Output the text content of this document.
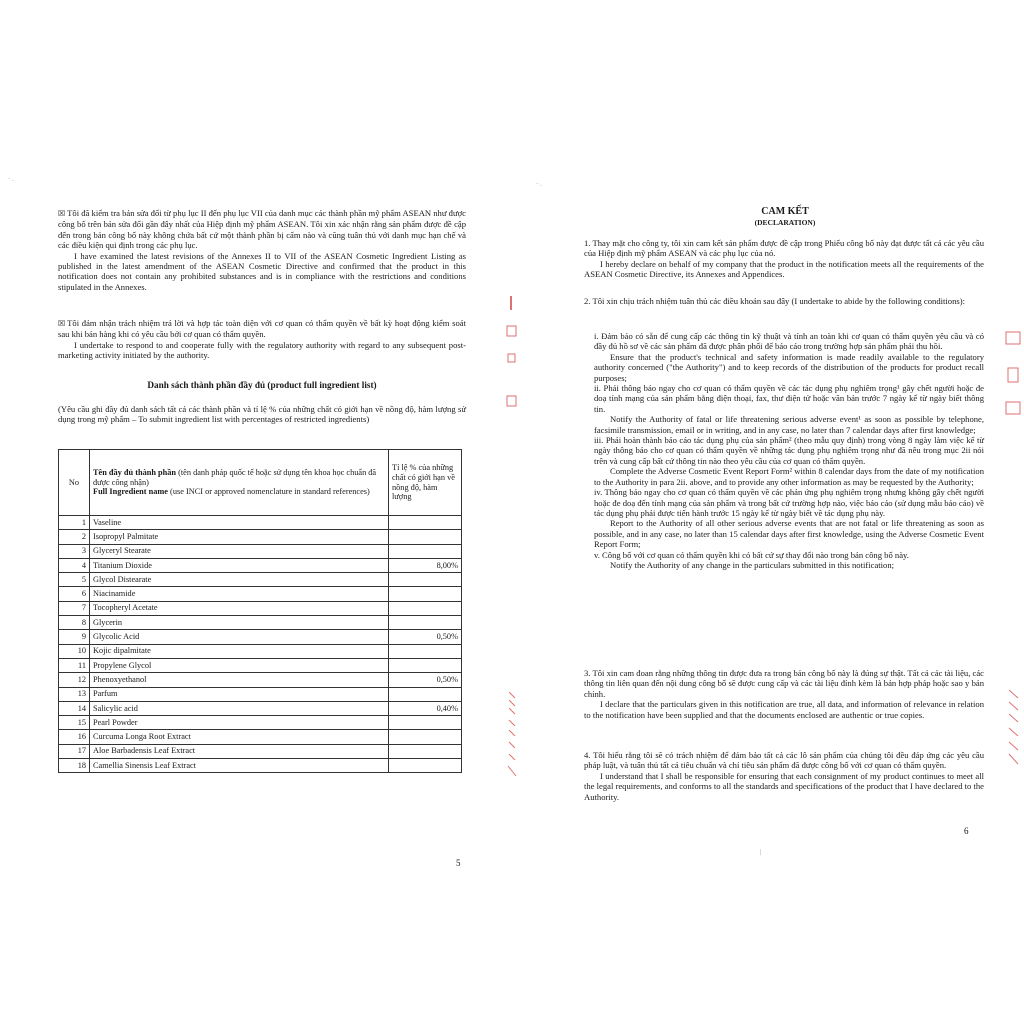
☒ Tôi đã kiểm tra bản sửa đổi từ phụ lục II đến phụ lục VII của danh mục các thành phần mỹ phẩm ASEAN như được công bố trên bản sửa đổi gần đây nhất của Hiệp định mỹ phẩm ASEAN. Tôi xin xác nhận rằng sản phẩm được đề cập đến trong bản công bố này không chứa bất cứ một thành phần bị cấm nào và cũng tuân thủ với danh mục hạn chế và các điều kiện qui định trong các phụ lục.

I have examined the latest revisions of the Annexes II to VII of the ASEAN Cosmetic Ingredient Listing as published in the latest amendment of the ASEAN Cosmetic Directive and confirmed that the product in this notification does not contain any prohibited substances and is in compliance with the restrictions and conditions stipulated in the Annexes.

☒ Tôi đảm nhận trách nhiệm trả lời và hợp tác toàn diện với cơ quan có thẩm quyền về bất kỳ hoạt động kiểm soát sau khi bán hàng khi có yêu cầu bởi cơ quan có thẩm quyền.

I undertake to respond to and cooperate fully with the regulatory authority with regard to any subsequent post-marketing activity initiated by the authority.

Danh sách thành phần đầy đủ (product full ingredient list)
(Yêu cầu ghi đầy đủ danh sách tất cả các thành phần và tỉ lệ % của những chất có giới hạn về nồng độ, hàm lượng sử dụng trong mỹ phẩm – To submit ingredient list with percentages of restricted ingredients)
No	Tên đầy đủ thành phần (tên danh pháp quốc tế hoặc sử dụng tên khoa học chuẩn đã được công nhận)
Full Ingredient name (use INCI or approved nomenclature in standard references)	Tỉ lệ % của những chất có giới hạn về nồng độ, hàm lượng
1	Vaseline	
2	Isopropyl Palmitate	
3	Glyceryl Stearate	
4	Titanium Dioxide	8,00%
5	Glycol Distearate	
6	Niacinamide	
7	Tocopheryl Acetate	
8	Glycerin	
9	Glycolic Acid	0,50%
10	Kojic dipalmitate	
11	Propylene Glycol	
12	Phenoxyethanol	0,50%
13	Parfum	
14	Salicylic acid	0,40%
15	Pearl Powder	
16	Curcuma Longa Root Extract	
17	Aloe Barbadensis Leaf Extract	
18	Camellia Sinensis Leaf Extract	
5
· .
CAM KẾT
(DECLARATION)

1. Thay mặt cho công ty, tôi xin cam kết sản phẩm được đề cập trong Phiếu công bố này đạt được tất cả các yêu cầu của Hiệp định mỹ phẩm ASEAN và các phụ lục của nó.

I hereby declare on behalf of my company that the product in the notification meets all the requirements of the ASEAN Cosmetic Directive, its Annexes and Appendices.

2. Tôi xin chịu trách nhiệm tuân thủ các điều khoản sau đây (I undertake to abide by the following conditions):

i. Đảm bảo có sẵn để cung cấp các thông tin kỹ thuật và tính an toàn khi cơ quan có thẩm quyền yêu cầu và có đầy đủ hồ sơ về các sản phẩm đã được phân phối để báo cáo trong trường hợp sản phẩm phải thu hồi.

Ensure that the product's technical and safety information is made readily available to the regulatory authority concerned ("the Authority") and to keep records of the distribution of the products for product recall purposes;

ii. Phải thông báo ngay cho cơ quan có thẩm quyền về các tác dụng phụ nghiêm trọng¹ gây chết người hoặc đe doạ tính mạng của sản phẩm bằng điện thoại, fax, thư điện tử hoặc văn bản trước 7 ngày kể từ ngày biết thông tin.

Notify the Authority of fatal or life threatening serious adverse event¹ as soon as possible by telephone, facsimile transmission, email or in writing, and in any case, no later than 7 calendar days after first knowledge;

iii. Phải hoàn thành báo cáo tác dụng phụ của sản phẩm² (theo mẫu quy định) trong vòng 8 ngày làm việc kể từ ngày thông báo cho cơ quan có thẩm quyền về những tác dụng phụ nghiêm trọng như đã nêu trong mục 2ii nói trên và cung cấp bất cứ thông tin nào theo yêu cầu của cơ quan có thẩm quyền.

Complete the Adverse Cosmetic Event Report Form² within 8 calendar days from the date of my notification to the Authority in para 2ii. above, and to provide any other information as may be requested by the Authority;

iv. Thông báo ngay cho cơ quan có thẩm quyền về các phản ứng phụ nghiêm trọng nhưng không gây chết người hoặc đe doạ đến tính mạng của sản phẩm và trong bất cứ trường hợp nào, việc báo cáo (sử dụng mẫu báo cáo) về tác dụng phụ phải được tiến hành trước 15 ngày kể từ ngày biết về tác dụng phụ này.

Report to the Authority of all other serious adverse events that are not fatal or life threatening as soon as possible, and in any case, no later than 15 calendar days after first knowledge, using the Adverse Cosmetic Event Report Form;

v. Công bố với cơ quan có thẩm quyền khi có bất cứ sự thay đổi nào trong bản công bố này.

Notify the Authority of any change in the particulars submitted in this notification;

3. Tôi xin cam đoan rằng những thông tin được đưa ra trong bản công bố này là đúng sự thật. Tất cả các tài liệu, các thông tin liên quan đến nội dung công bố sẽ được cung cấp và các tài liệu đính kèm là bản hợp pháp hoặc sao y bản chính.

I declare that the particulars given in this notification are true, all data, and information of relevance in relation to the notification have been supplied and that the documents enclosed are authentic or true copies.

4. Tôi hiểu rằng tôi sẽ có trách nhiệm để đảm bảo tất cả các lô sản phẩm của chúng tôi đều đáp ứng các yêu cầu pháp luật, và tuân thủ tất cả tiêu chuẩn và chỉ tiêu sản phẩm đã được công bố với cơ quan có thẩm quyền.

I understand that I shall be responsible for ensuring that each consignment of my product continues to meet all the legal requirements, and conforms to all the standards and specifications of the product that I have declared to the Authority.

6
· .
|
